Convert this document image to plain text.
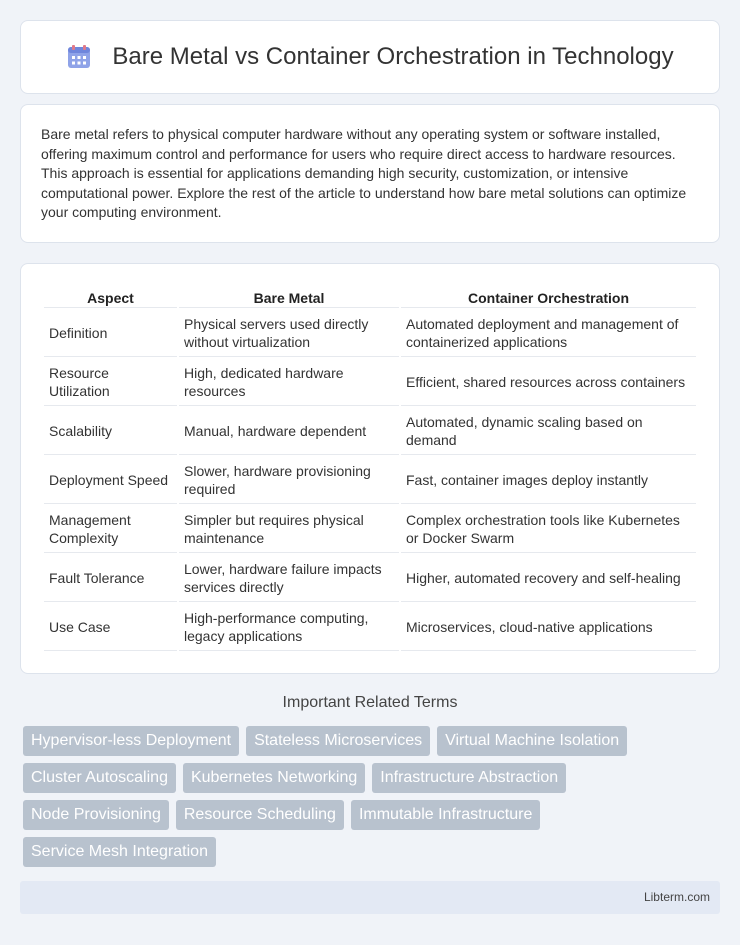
Bare Metal vs Container Orchestration in Technology

Bare metal refers to physical computer hardware without any operating system or software installed, offering maximum control and performance for users who require direct access to hardware resources. This approach is essential for applications demanding high security, customization, or intensive computational power. Explore the rest of the article to understand how bare metal solutions can optimize your computing environment.

Aspect	Bare Metal	Container Orchestration
Definition	Physical servers used directly without virtualization	Automated deployment and management of containerized applications
Resource Utilization	High, dedicated hardware resources	Efficient, shared resources across containers
Scalability	Manual, hardware dependent	Automated, dynamic scaling based on demand
Deployment Speed	Slower, hardware provisioning required	Fast, container images deploy instantly
Management Complexity	Simpler but requires physical maintenance	Complex orchestration tools like Kubernetes or Docker Swarm
Fault Tolerance	Lower, hardware failure impacts services directly	Higher, automated recovery and self-healing
Use Case	High-performance computing, legacy applications	Microservices, cloud-native applications
Important Related Terms
Hypervisor-less Deployment	Stateless Microservices	Virtual Machine Isolation
Cluster Autoscaling	Kubernetes Networking	Infrastructure Abstraction
Node Provisioning	Resource Scheduling	Immutable Infrastructure
Service Mesh Integration
Libterm.com
